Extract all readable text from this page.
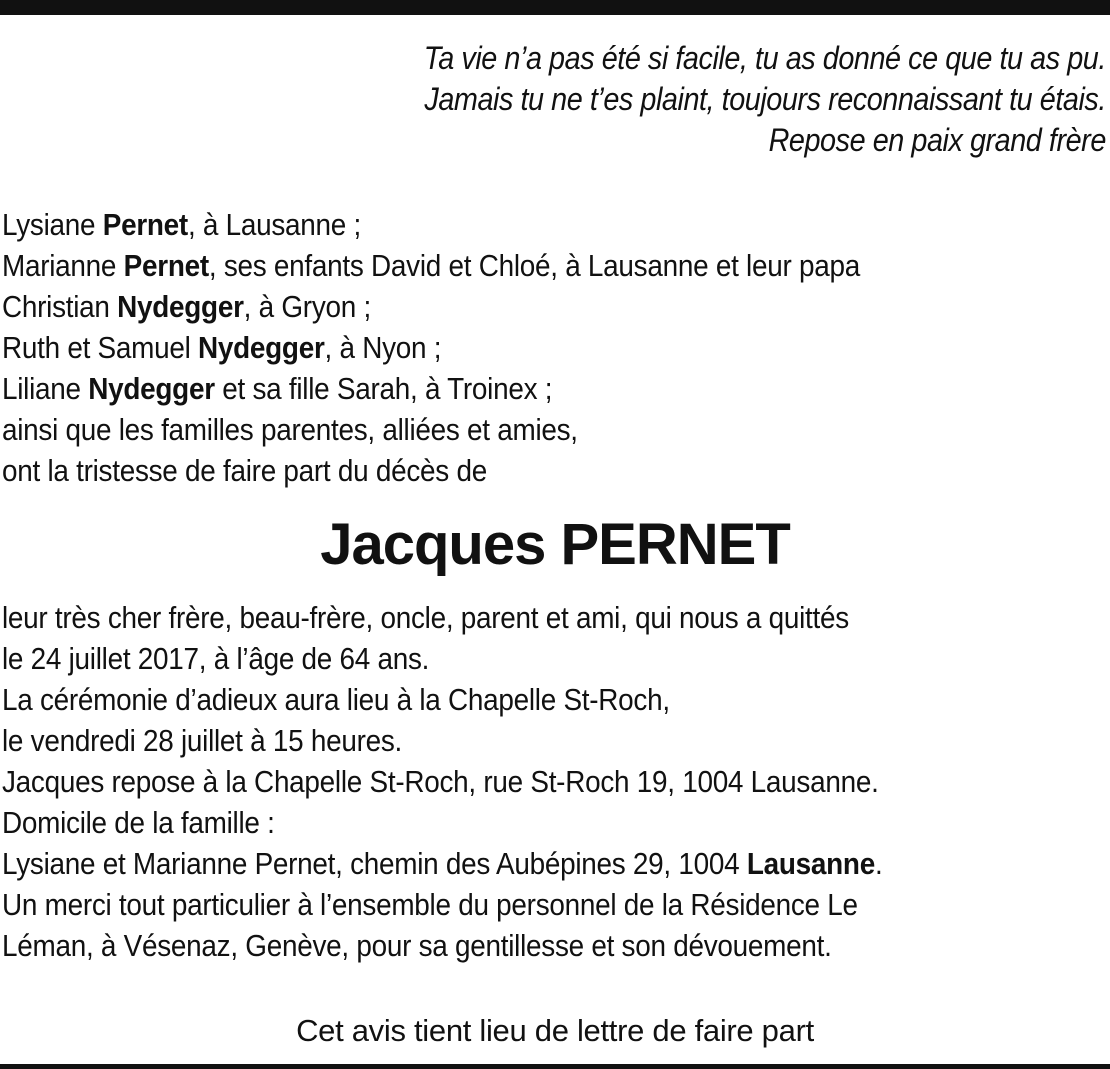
Ta vie n’a pas été si facile, tu as donné ce que tu as pu.
Jamais tu ne t’es plaint, toujours reconnaissant tu étais.
Repose en paix grand frère
Lysiane Pernet, à Lausanne ;
Marianne Pernet, ses enfants David et Chloé, à Lausanne et leur papa
Christian Nydegger, à Gryon ;
Ruth et Samuel Nydegger, à Nyon ;
Liliane Nydegger et sa fille Sarah, à Troinex ;
ainsi que les familles parentes, alliées et amies,
ont la tristesse de faire part du décès de
Jacques PERNET
leur très cher frère, beau-frère, oncle, parent et ami, qui nous a quittés
le 24 juillet 2017, à l’âge de 64 ans.
La cérémonie d’adieux aura lieu à la Chapelle St-Roch,
le vendredi 28 juillet à 15 heures.
Jacques repose à la Chapelle St-Roch, rue St-Roch 19, 1004 Lausanne.
Domicile de la famille :
Lysiane et Marianne Pernet, chemin des Aubépines 29, 1004 Lausanne.
Un merci tout particulier à l’ensemble du personnel de la Résidence Le
Léman, à Vésenaz, Genève, pour sa gentillesse et son dévouement.
Cet avis tient lieu de lettre de faire part
